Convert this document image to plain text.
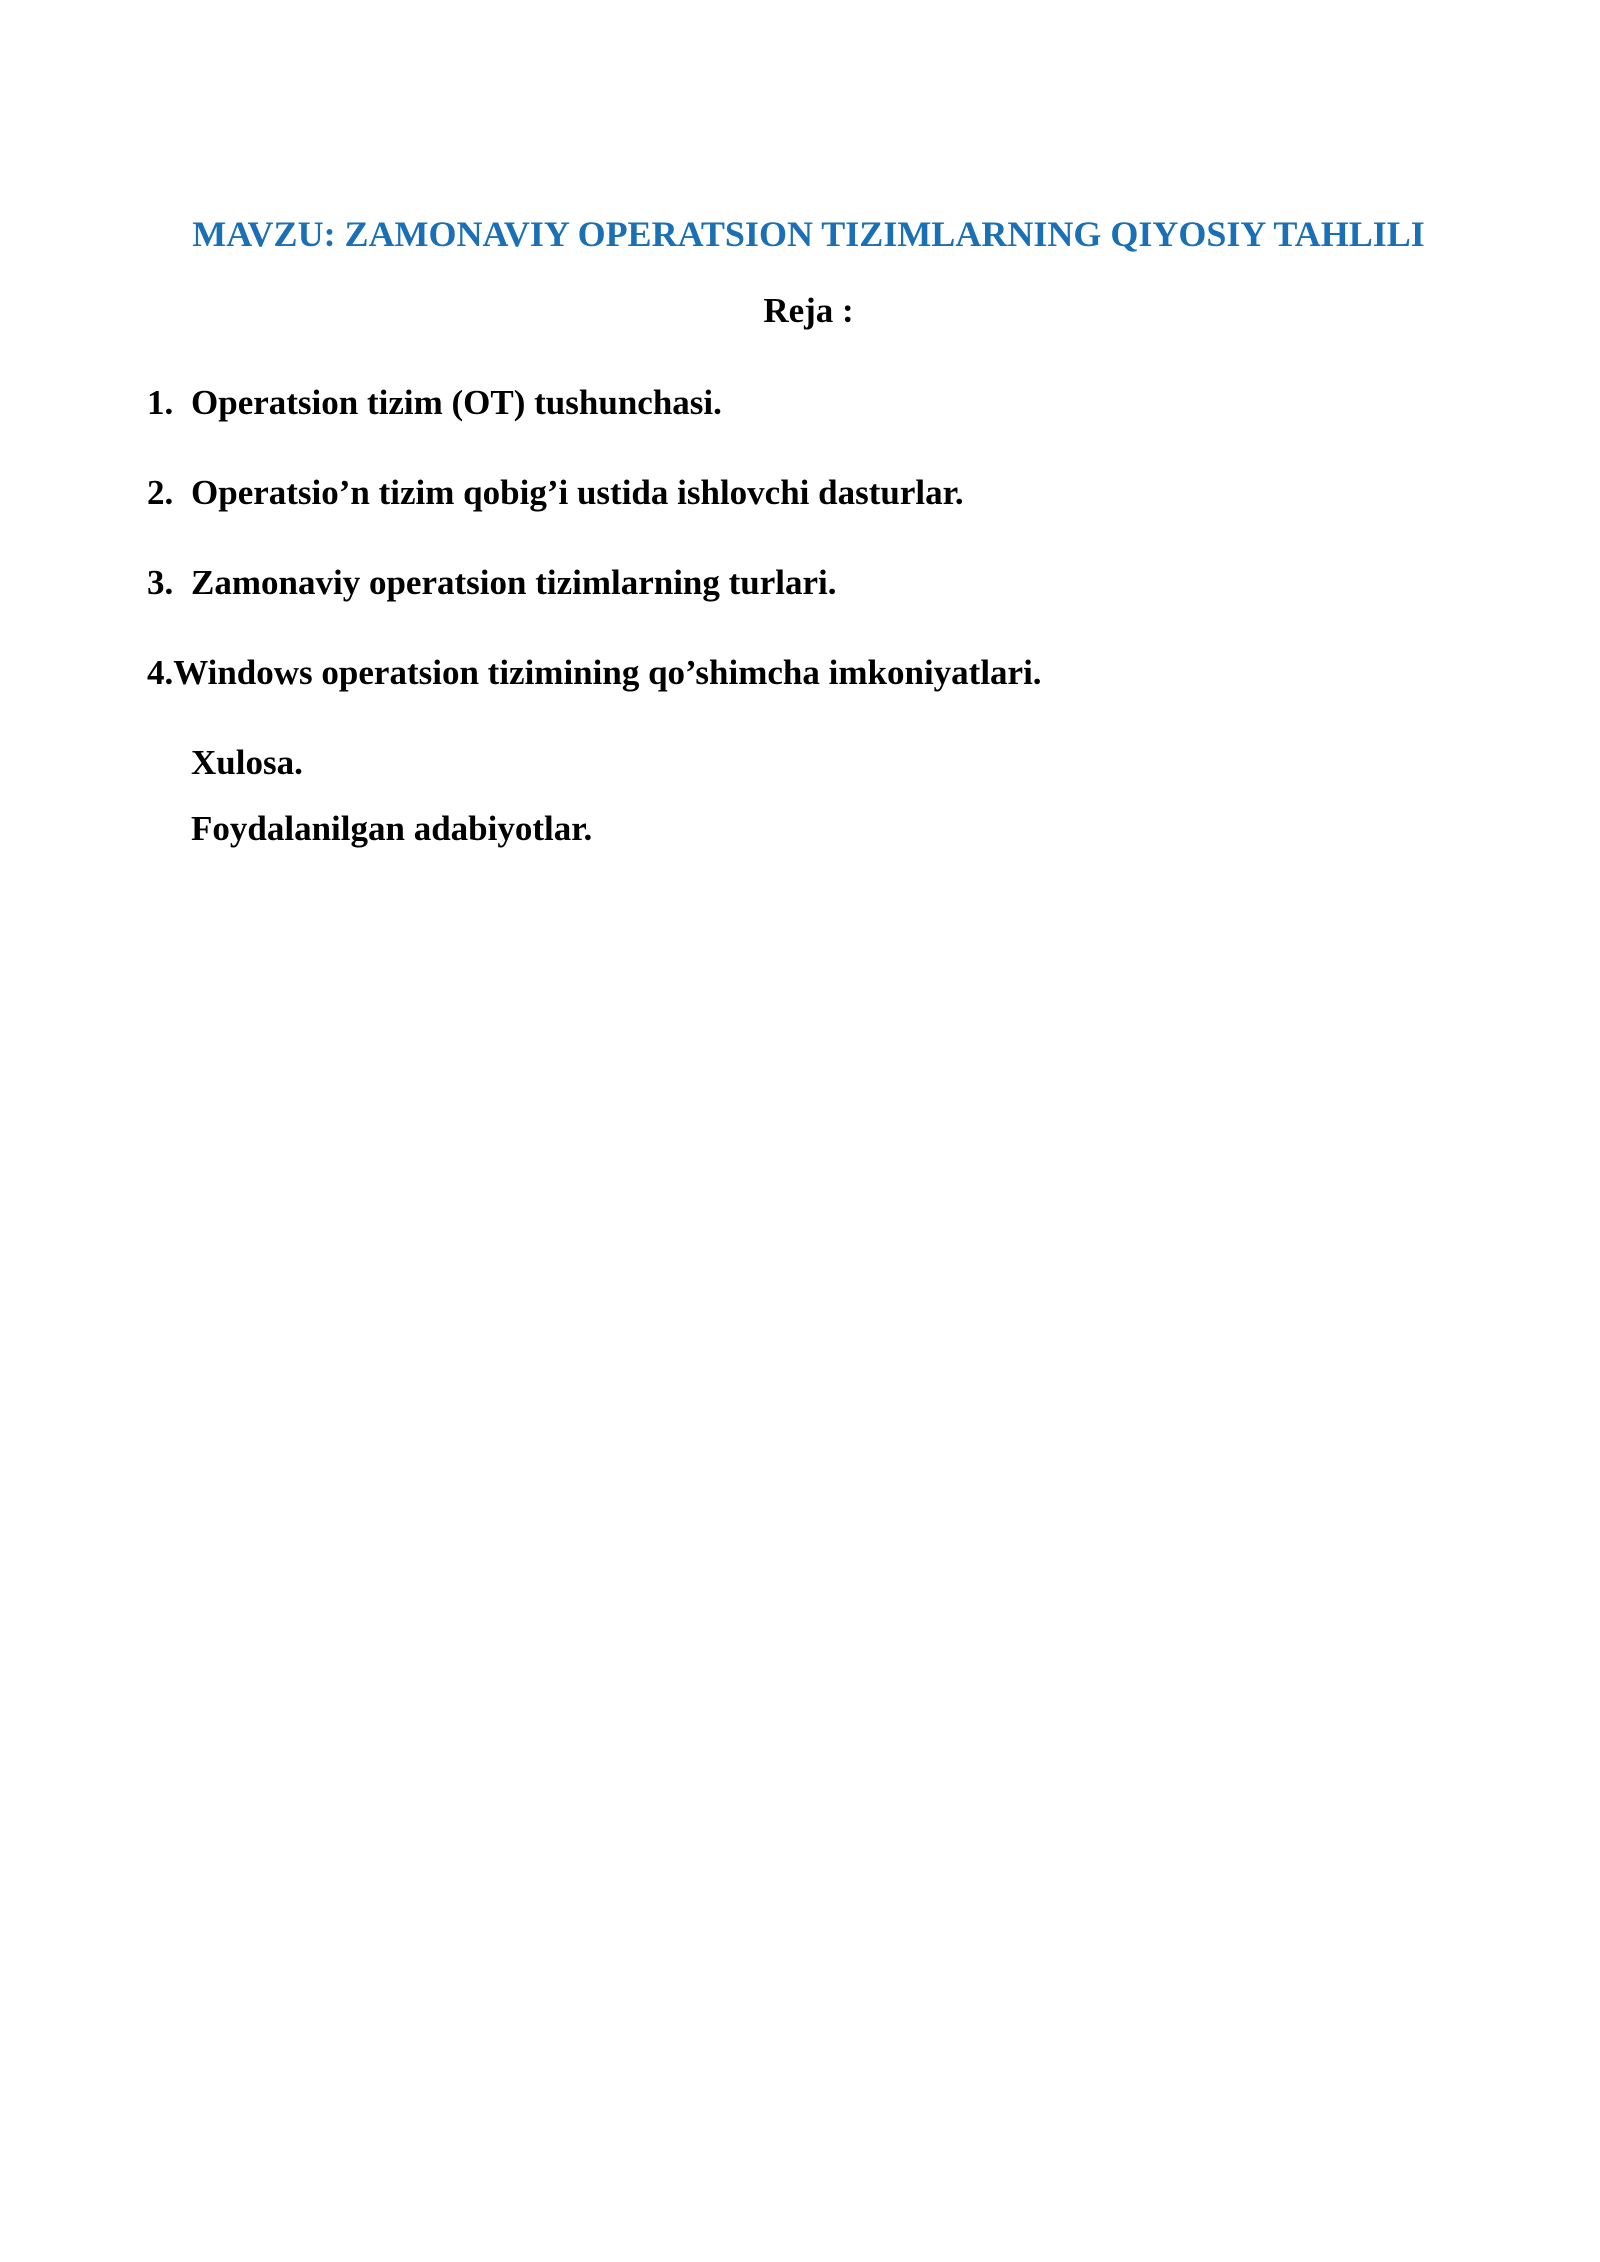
MAVZU: ZAMONAVIY OPERATSION TIZIMLARNING QIYOSIY TAHLILI
Reja :
1. Operatsion tizim (OT) tushunchasi.
2. Operatsio’n tizim qobig’i ustida ishlovchi dasturlar.
3. Zamonaviy operatsion tizimlarning turlari.
4.Windows operatsion tizimining qo’shimcha imkoniyatlari.
Xulosa.
Foydalanilgan adabiyotlar.
